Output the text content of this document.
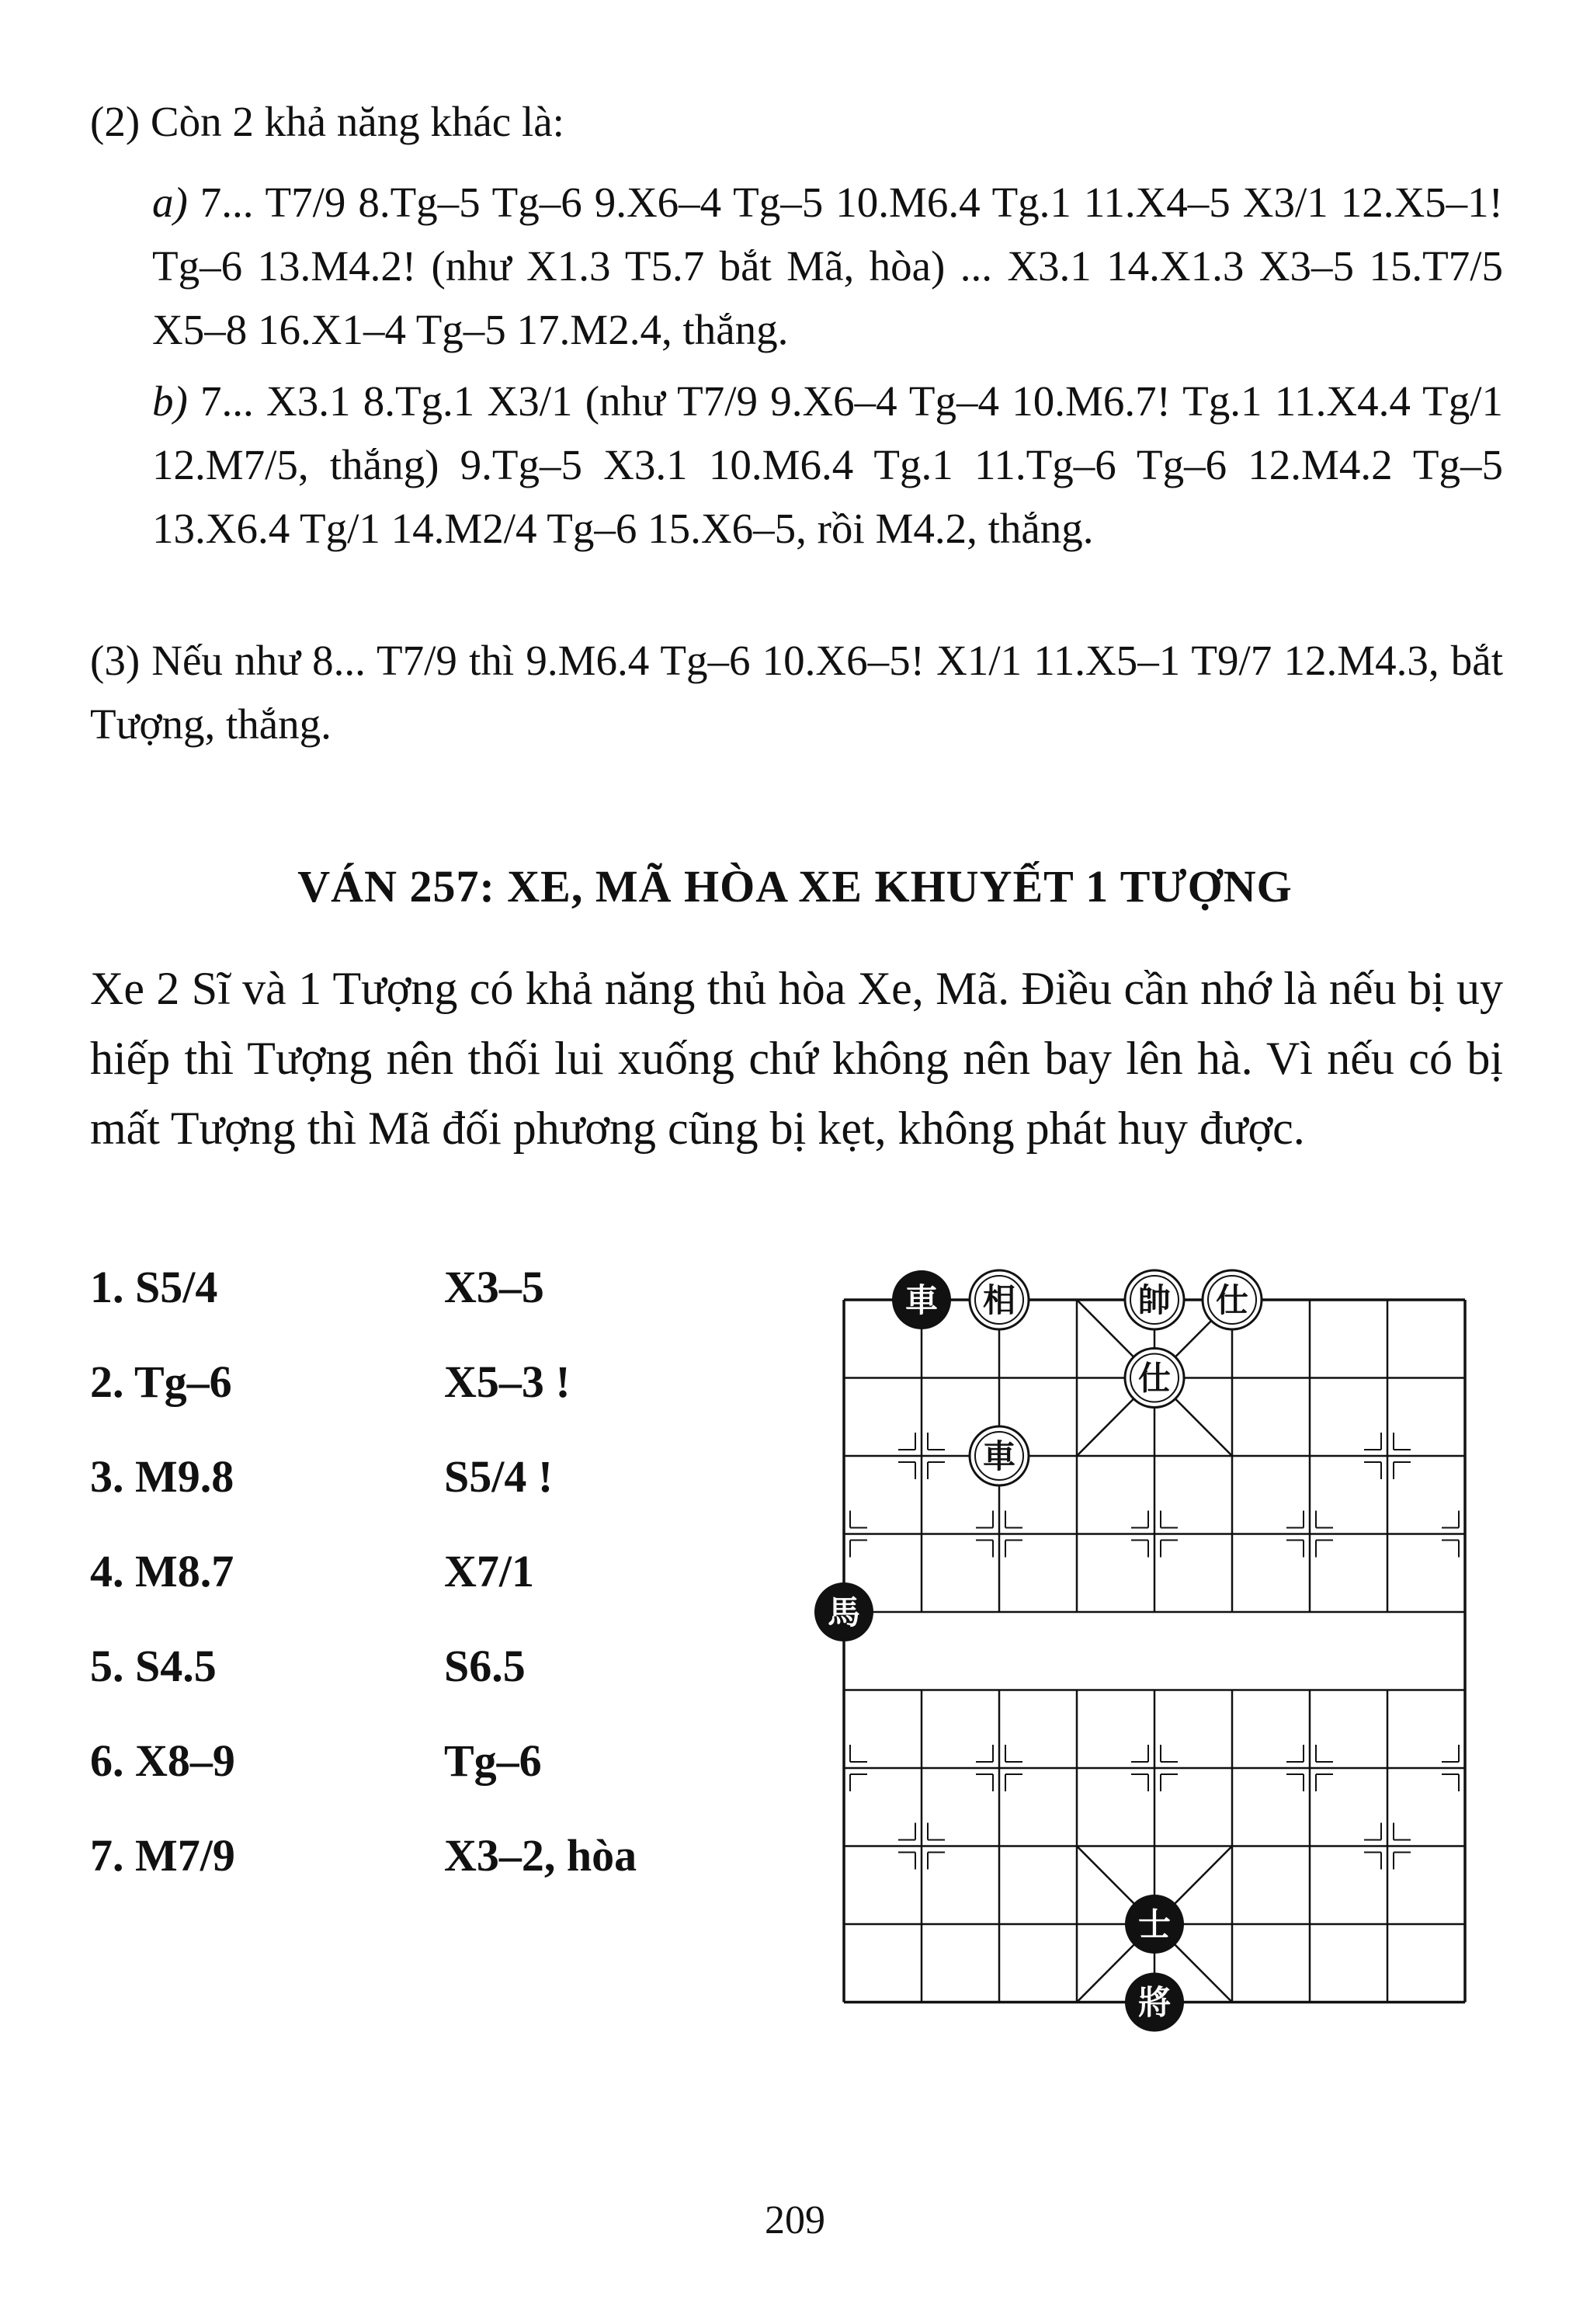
(2) Còn 2 khả năng khác là:
a) 7... T7/9 8.Tg–5 Tg–6 9.X6–4 Tg–5 10.M6.4 Tg.1 11.X4–5 X3/1 12.X5–1! Tg–6 13.M4.2! (như X1.3 T5.7 bắt Mã, hòa) ... X3.1 14.X1.3 X3–5 15.T7/5 X5–8 16.X1–4 Tg–5 17.M2.4, thắng.
b) 7... X3.1 8.Tg.1 X3/1 (như T7/9 9.X6–4 Tg–4 10.M6.7! Tg.1 11.X4.4 Tg/1 12.M7/5, thắng) 9.Tg–5 X3.1 10.M6.4 Tg.1 11.Tg–6 Tg–6 12.M4.2 Tg–5 13.X6.4 Tg/1 14.M2/4 Tg–6 15.X6–5, rồi M4.2, thắng.
(3) Nếu như 8... T7/9 thì 9.M6.4 Tg–6 10.X6–5! X1/1 11.X5–1 T9/7 12.M4.3, bắt Tượng, thắng.
VÁN 257: XE, MÃ HÒA XE KHUYẾT 1 TƯỢNG

Xe 2 Sĩ và 1 Tượng có khả năng thủ hòa Xe, Mã. Điều cần nhớ là nếu bị uy hiếp thì Tượng nên thối lui xuống chứ không nên bay lên hà. Vì nếu có bị mất Tượng thì Mã đối phương cũng bị kẹt, không phát huy được.

1. S5/4	X3–5
2. Tg–6	X5–3 !
3. M9.8	S5/4 !
4. M8.7	X7/1
5. S4.5	S6.5
6. X8–9	Tg–6
7. M7/9	X3–2, hòa
車 相	帥 仕
仕
車
馬
士
將
209
